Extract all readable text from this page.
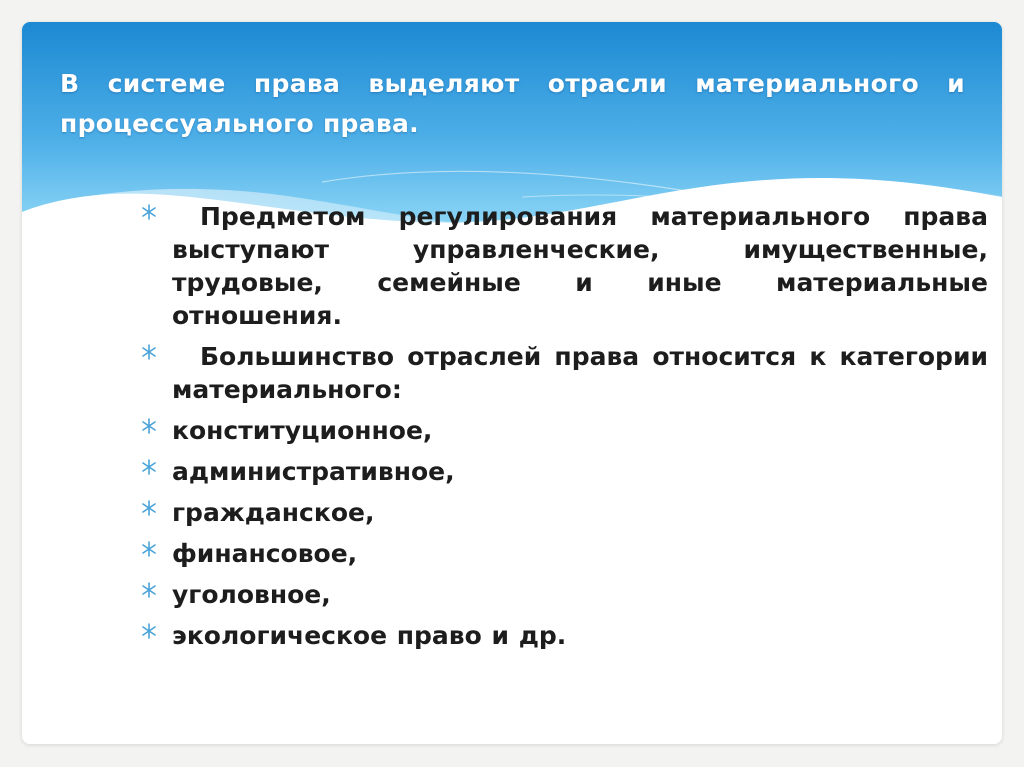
В системе права выделяют отрасли материального и процессуального права.
Предметом регулирования материального права выступают управленческие, имущественные, трудовые, семейные и иные материальные отношения.
Большинство отраслей права относится к категории материального:
конституционное,
административное,
гражданское,
финансовое,
уголовное,
экологическое право и др.
